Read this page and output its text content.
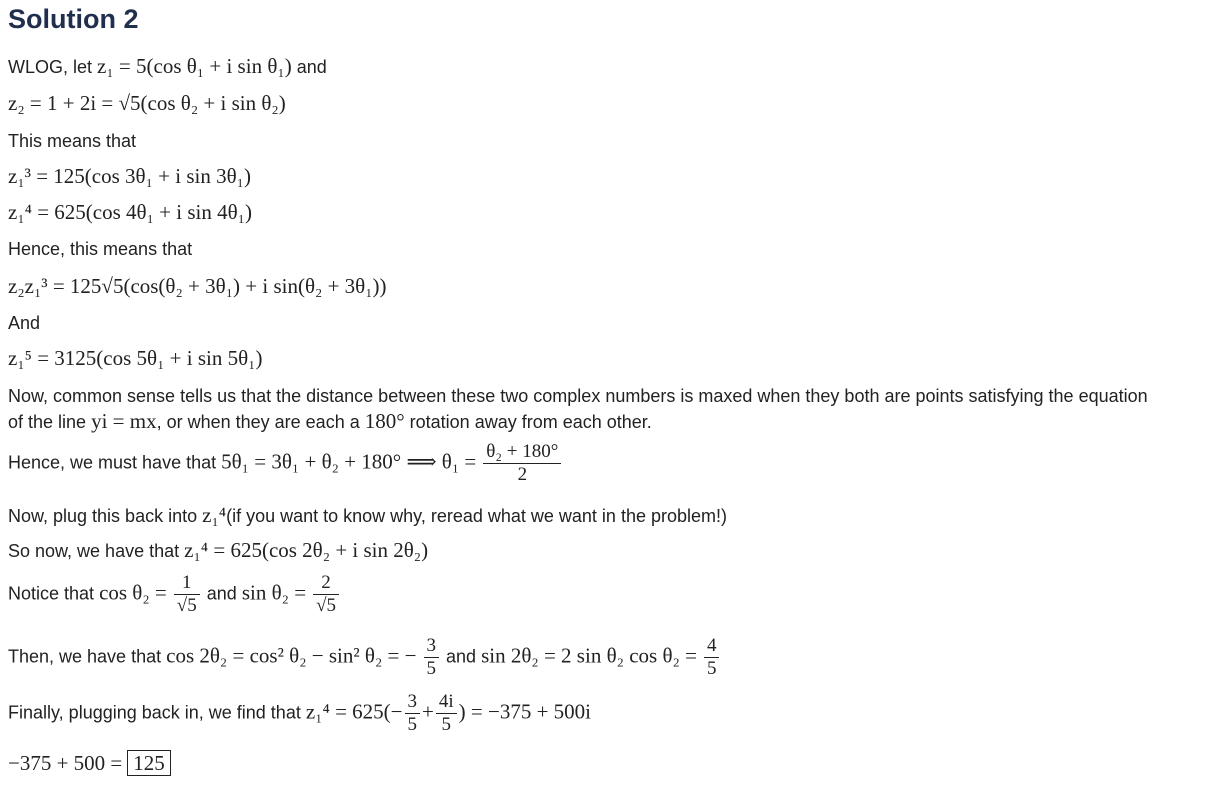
Solution 2
WLOG, let z₁ = 5(cos θ₁ + i sin θ₁) and
z₂ = 1 + 2i = √5(cos θ₂ + i sin θ₂)
This means that
z₁³ = 125(cos 3θ₁ + i sin 3θ₁)
z₁⁴ = 625(cos 4θ₁ + i sin 4θ₁)
Hence, this means that
z₂z₁³ = 125√5(cos(θ₂ + 3θ₁) + i sin(θ₂ + 3θ₁))
And
z₁⁵ = 3125(cos 5θ₁ + i sin 5θ₁)
Now, common sense tells us that the distance between these two complex numbers is maxed when they both are points satisfying the equation
of the line yi = mx, or when they are each a 180° rotation away from each other.
Hence, we must have that 5θ₁ = 3θ₁ + θ₂ + 180° ⟹ $\theta_1 = \frac{\text{θ₂ + 180°}}{2}$
Now, plug this back into z₁⁴(if you want to know why, reread what we want in the problem!)
So now, we have that z₁⁴ = 625(cos 2θ₂ + i sin 2θ₂)
Notice that $\cos \theta_2 = \frac{1}{√5}$ and $\sin \theta_2 = \frac{2}{√5}$
Then, we have that cos 2θ₂ = cos² θ₂ − sin² θ₂ = − $\frac{3}{5}$ and sin 2θ₂ = 2 sin θ₂ $\cos \theta_2 = \frac{4}{5}$
Finally, plugging back in, we find that $z_1^4 = 625(- \frac{3}{5} + \frac{4i}{5}$ ) = −375 + 500i
−375 + 500 = 125
